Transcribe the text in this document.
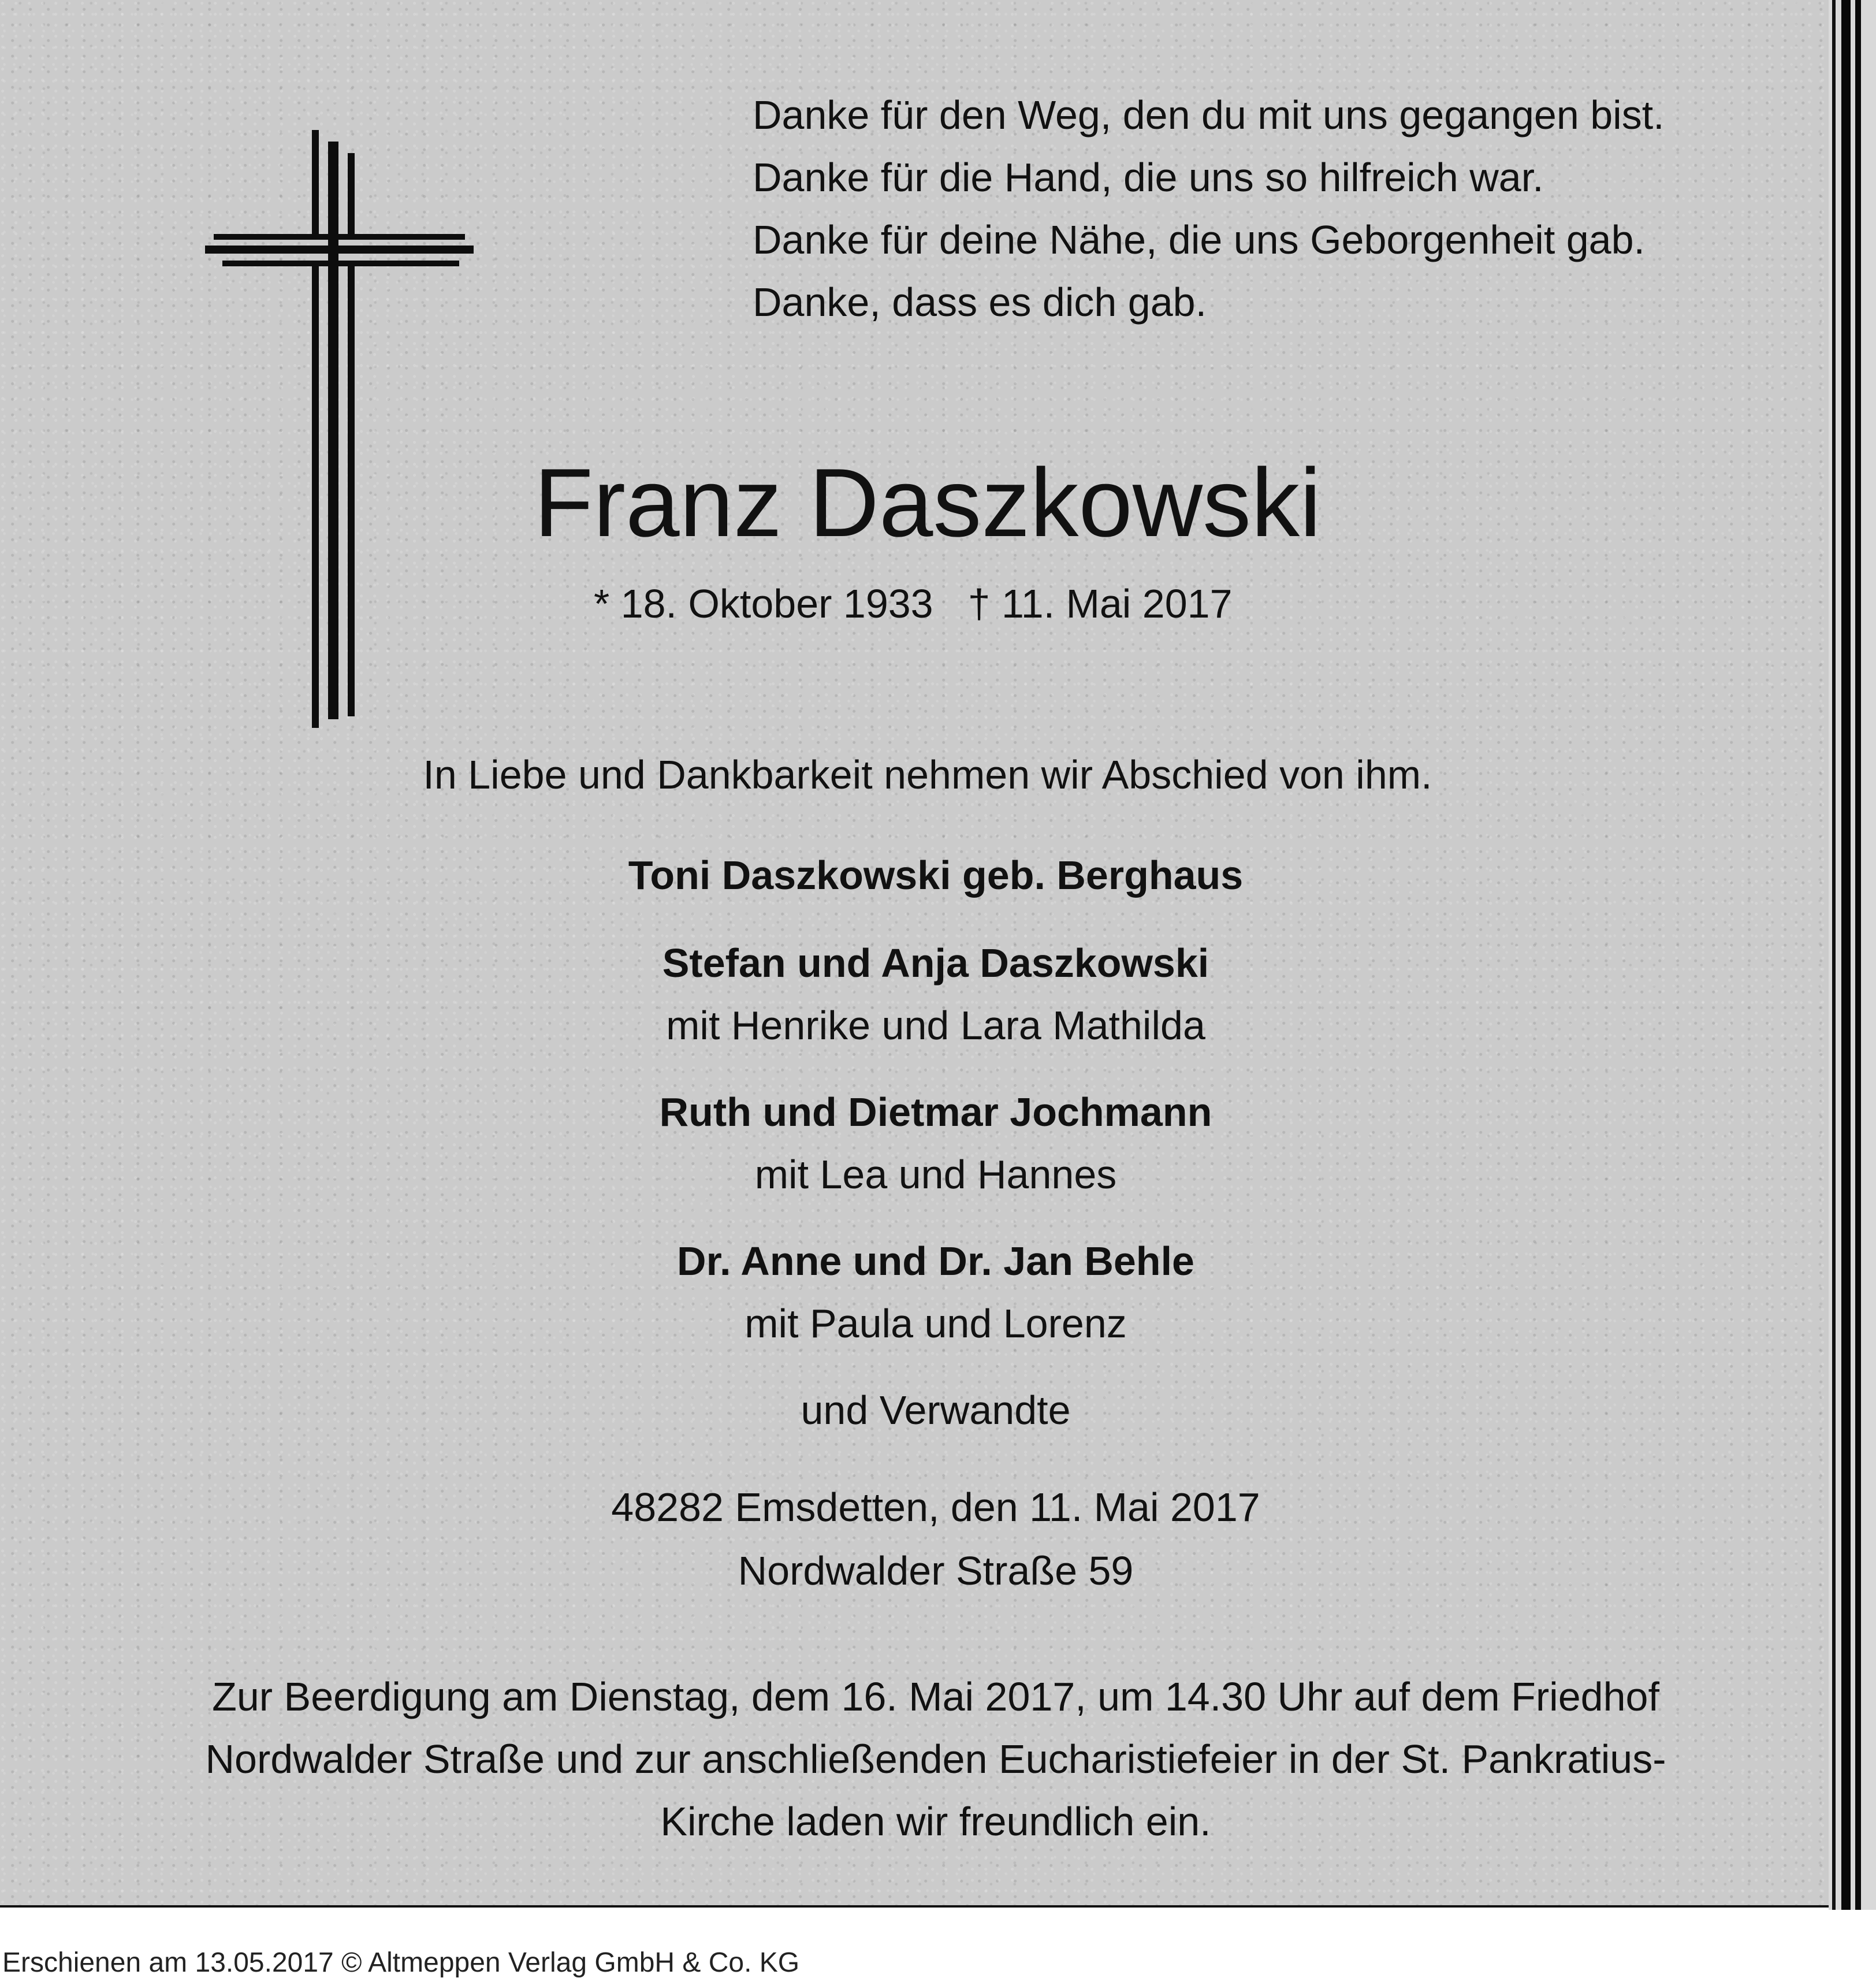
Danke für den Weg, den du mit uns gegangen bist.
Danke für die Hand, die uns so hilfreich war.
Danke für deine Nähe, die uns Geborgenheit gab.
Danke, dass es dich gab.
Franz Daszkowski
* 18. Oktober 1933 † 11. Mai 2017
In Liebe und Dankbarkeit nehmen wir Abschied von ihm.
Toni Daszkowski geb. Berghaus
Stefan und Anja Daszkowski
mit Henrike und Lara Mathilda
Ruth und Dietmar Jochmann
mit Lea und Hannes
Dr. Anne und Dr. Jan Behle
mit Paula und Lorenz
und Verwandte
48282 Emsdetten, den 11. Mai 2017
Nordwalder Straße 59
Zur Beerdigung am Dienstag, dem 16. Mai 2017, um 14.30 Uhr auf dem Friedhof
Nordwalder Straße und zur anschließenden Eucharistiefeier in der St. Pankratius-
Kirche laden wir freundlich ein.
Erschienen am 13.05.2017 © Altmeppen Verlag GmbH & Co. KG
